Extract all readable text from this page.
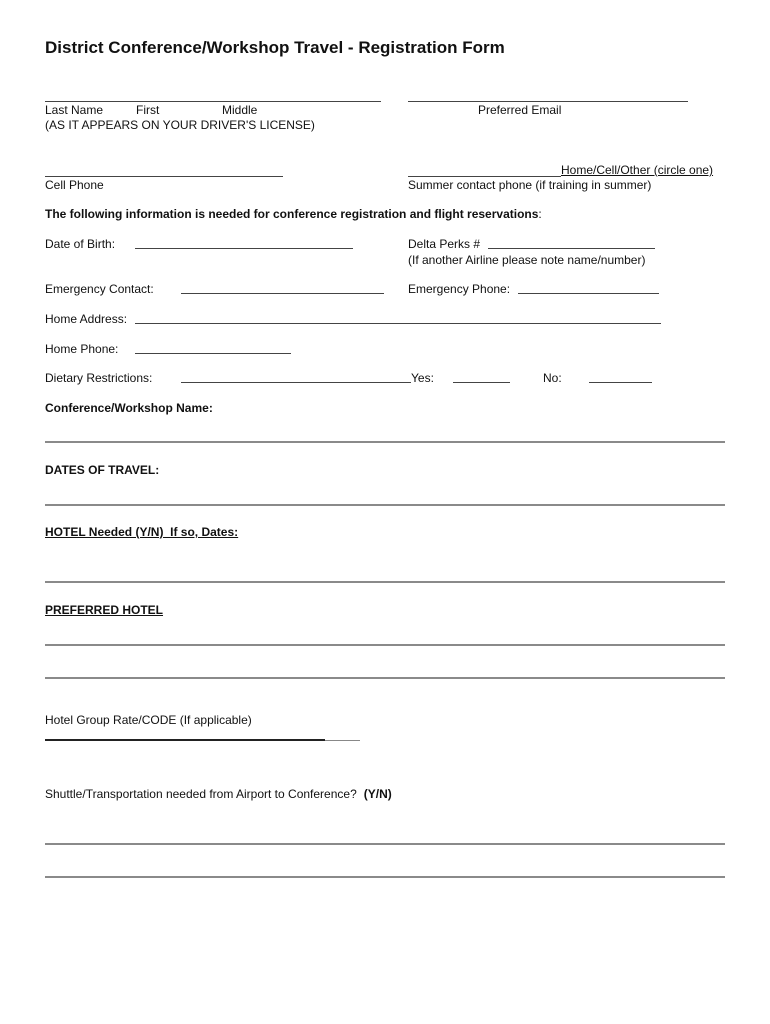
District Conference/Workshop Travel - Registration Form
Last Name	First	Middle	Preferred Email
(AS IT APPEARS ON YOUR DRIVER'S LICENSE)
Home/Cell/Other (circle one)
Cell Phone	Summer contact phone (if training in summer)
The following information is needed for conference registration and flight reservations:
Date of Birth:	Delta Perks #
(If another Airline please note name/number)
Emergency Contact:	Emergency Phone:
Home Address:
Home Phone:
Dietary Restrictions:	Yes:	No:
Conference/Workshop Name:
DATES OF TRAVEL:
HOTEL Needed (Y/N)  If so, Dates:
PREFERRED HOTEL
Hotel Group Rate/CODE (If applicable)
Shuttle/Transportation needed from Airport to Conference? (Y/N)
